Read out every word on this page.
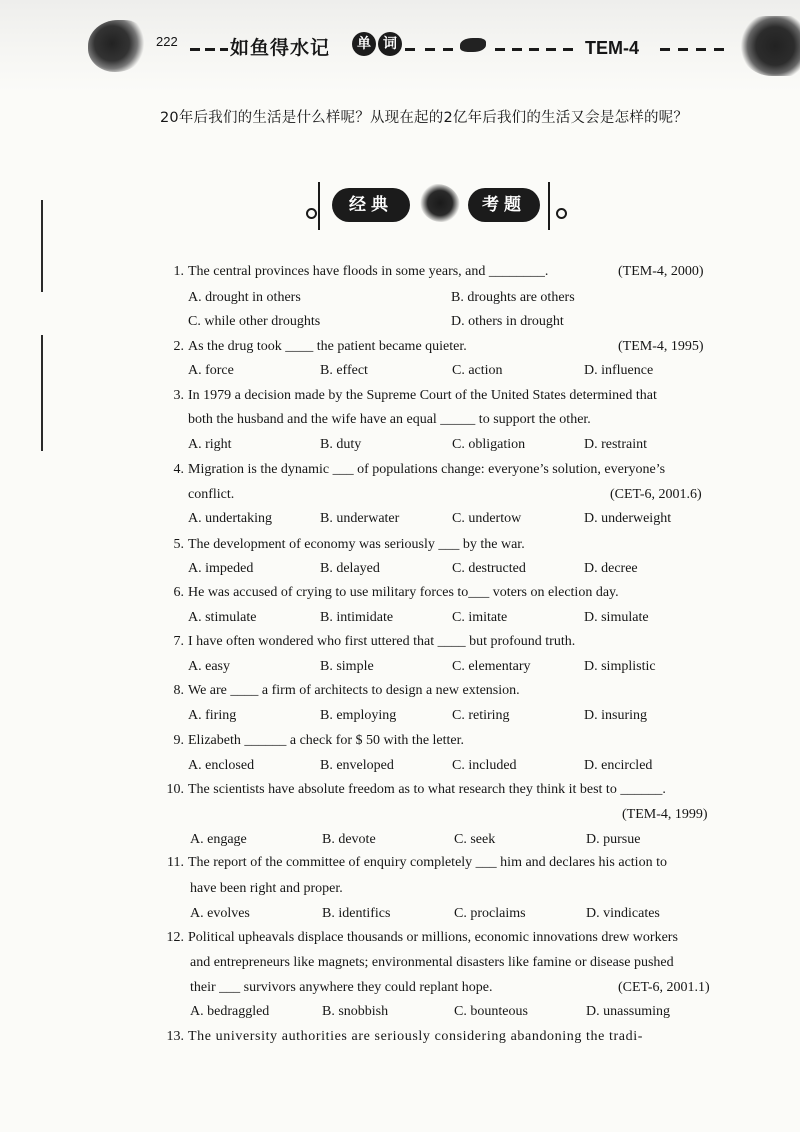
222	如鱼得水记	单 词	TEM-4
20年后我们的生活是什么样呢？从现在起的2亿年后我们的生活又会是怎样的呢？
经典	考题
1. The central provinces have floods in some years, and ________.	(TEM-4, 2000)
A. drought in others	B. droughts are others
C. while other droughts	D. others in drought
2. As the drug took ____ the patient became quieter.	(TEM-4, 1995)
A. force	B. effect	C. action	D. influence
3. In 1979 a decision made by the Supreme Court of the United States determined that
both the husband and the wife have an equal _____ to support the other.
A. right	B. duty	C. obligation	D. restraint
4. Migration is the dynamic ___ of populations change: everyone’s solution, everyone’s
conflict.	(CET-6, 2001.6)
A. undertaking	B. underwater	C. undertow	D. underweight
5. The development of economy was seriously ___ by the war.
A. impeded	B. delayed	C. destructed	D. decree
6. He was accused of crying to use military forces to___ voters on election day.
A. stimulate	B. intimidate	C. imitate	D. simulate
7. I have often wondered who first uttered that ____ but profound truth.
A. easy	B. simple	C. elementary	D. simplistic
8. We are ____ a firm of architects to design a new extension.
A. firing	B. employing	C. retiring	D. insuring
9. Elizabeth ______ a check for $ 50 with the letter.
A. enclosed	B. enveloped	C. included	D. encircled
10. The scientists have absolute freedom as to what research they think it best to ______.
(TEM-4, 1999)
A. engage	B. devote	C. seek	D. pursue
11. The report of the committee of enquiry completely ___ him and declares his action to
have been right and proper.
A. evolves	B. identifics	C. proclaims	D. vindicates
12. Political upheavals displace thousands or millions, economic innovations drew workers
and entrepreneurs like magnets; environmental disasters like famine or disease pushed
their ___ survivors anywhere they could replant hope.	(CET-6, 2001.1)
A. bedraggled	B. snobbish	C. bounteous	D. unassuming
13. The university authorities are seriously considering abandoning the tradi-
